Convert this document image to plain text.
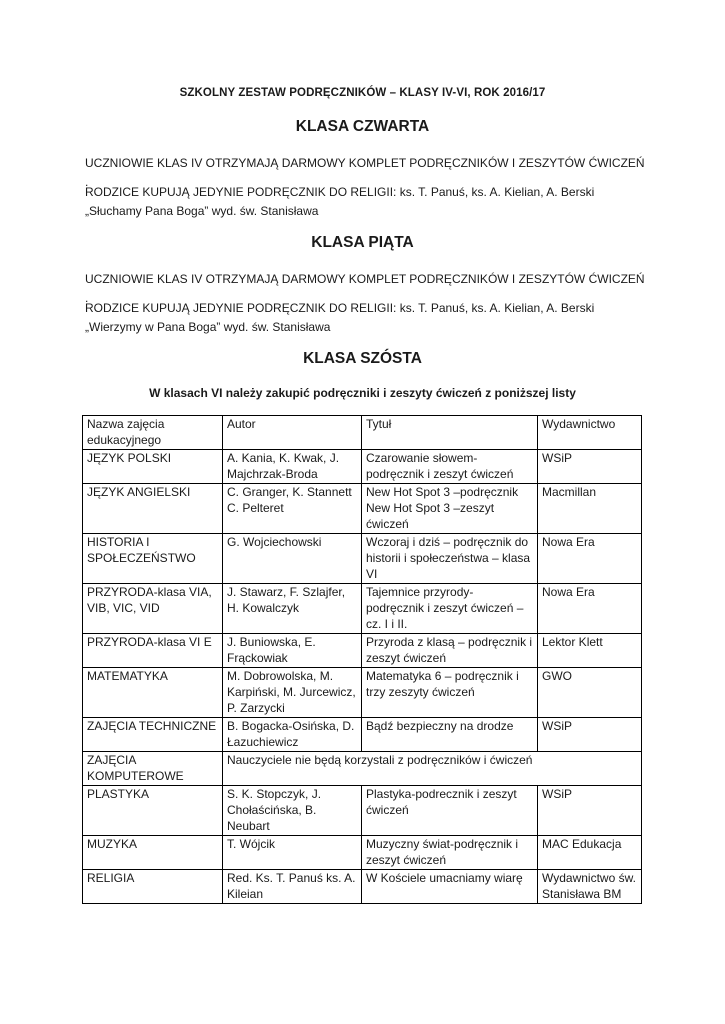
SZKOLNY ZESTAW PODRĘCZNIKÓW – KLASY IV-VI, ROK 2016/17
KLASA CZWARTA
UCZNIOWIE KLAS IV OTRZYMAJĄ DARMOWY KOMPLET PODRĘCZNIKÓW I ZESZYTÓW ĆWICZEŃ .
RODZICE KUPUJĄ JEDYNIE PODRĘCZNIK DO RELIGII: ks. T. Panuś, ks. A. Kielian, A. Berski „Słuchamy Pana Boga” wyd. św. Stanisława
KLASA PIĄTA
UCZNIOWIE KLAS IV OTRZYMAJĄ DARMOWY KOMPLET PODRĘCZNIKÓW I ZESZYTÓW ĆWICZEŃ .
RODZICE KUPUJĄ JEDYNIE PODRĘCZNIK DO RELIGII: ks. T. Panuś, ks. A. Kielian, A. Berski „Wierzymy w Pana Boga” wyd. św. Stanisława
KLASA SZÓSTA
W klasach VI należy zakupić podręczniki i zeszyty ćwiczeń z poniższej listy
Nazwa zajęcia edukacyjnego	Autor	Tytuł	Wydawnictwo
JĘZYK POLSKI	A. Kania, K. Kwak, J. Majchrzak-Broda	Czarowanie słowem- podręcznik i zeszyt ćwiczeń	WSiP
JĘZYK ANGIELSKI	C. Granger, K. Stannett C. Pelteret	New Hot Spot 3 –podręcznik New Hot Spot 3 –zeszyt ćwiczeń	Macmillan
HISTORIA I SPOŁECZEŃSTWO	G. Wojciechowski	Wczoraj i dziś – podręcznik do historii i społeczeństwa – klasa VI	Nowa Era
PRZYRODA-klasa VIA, VIB, VIC, VID	J. Stawarz, F. Szlajfer, H. Kowalczyk	Tajemnice przyrody- podręcznik i zeszyt ćwiczeń – cz. I i II.	Nowa Era
PRZYRODA-klasa VI E	J. Buniowska, E. Frąckowiak	Przyroda z klasą – podręcznik i zeszyt ćwiczeń	Lektor Klett
MATEMATYKA	M. Dobrowolska, M. Karpiński, M. Jurcewicz, P. Zarzycki	Matematyka 6 – podręcznik i trzy zeszyty ćwiczeń	GWO
ZAJĘCIA TECHNICZNE	B. Bogacka-Osińska, D. Łazuchiewicz	Bądź bezpieczny na drodze	WSiP
ZAJĘCIA KOMPUTEROWE	Nauczyciele nie będą korzystali z podręczników i ćwiczeń		
PLASTYKA	S. K. Stopczyk, J. Chołaścińska, B. Neubart	Plastyka-podrecznik i zeszyt ćwiczeń	WSiP
MUZYKA	T. Wójcik	Muzyczny świat-podręcznik i zeszyt ćwiczeń	MAC Edukacja
RELIGIA	Red. Ks. T. Panuś ks. A. Kileian	W Kościele umacniamy wiarę	Wydawnictwo św. Stanisława BM
